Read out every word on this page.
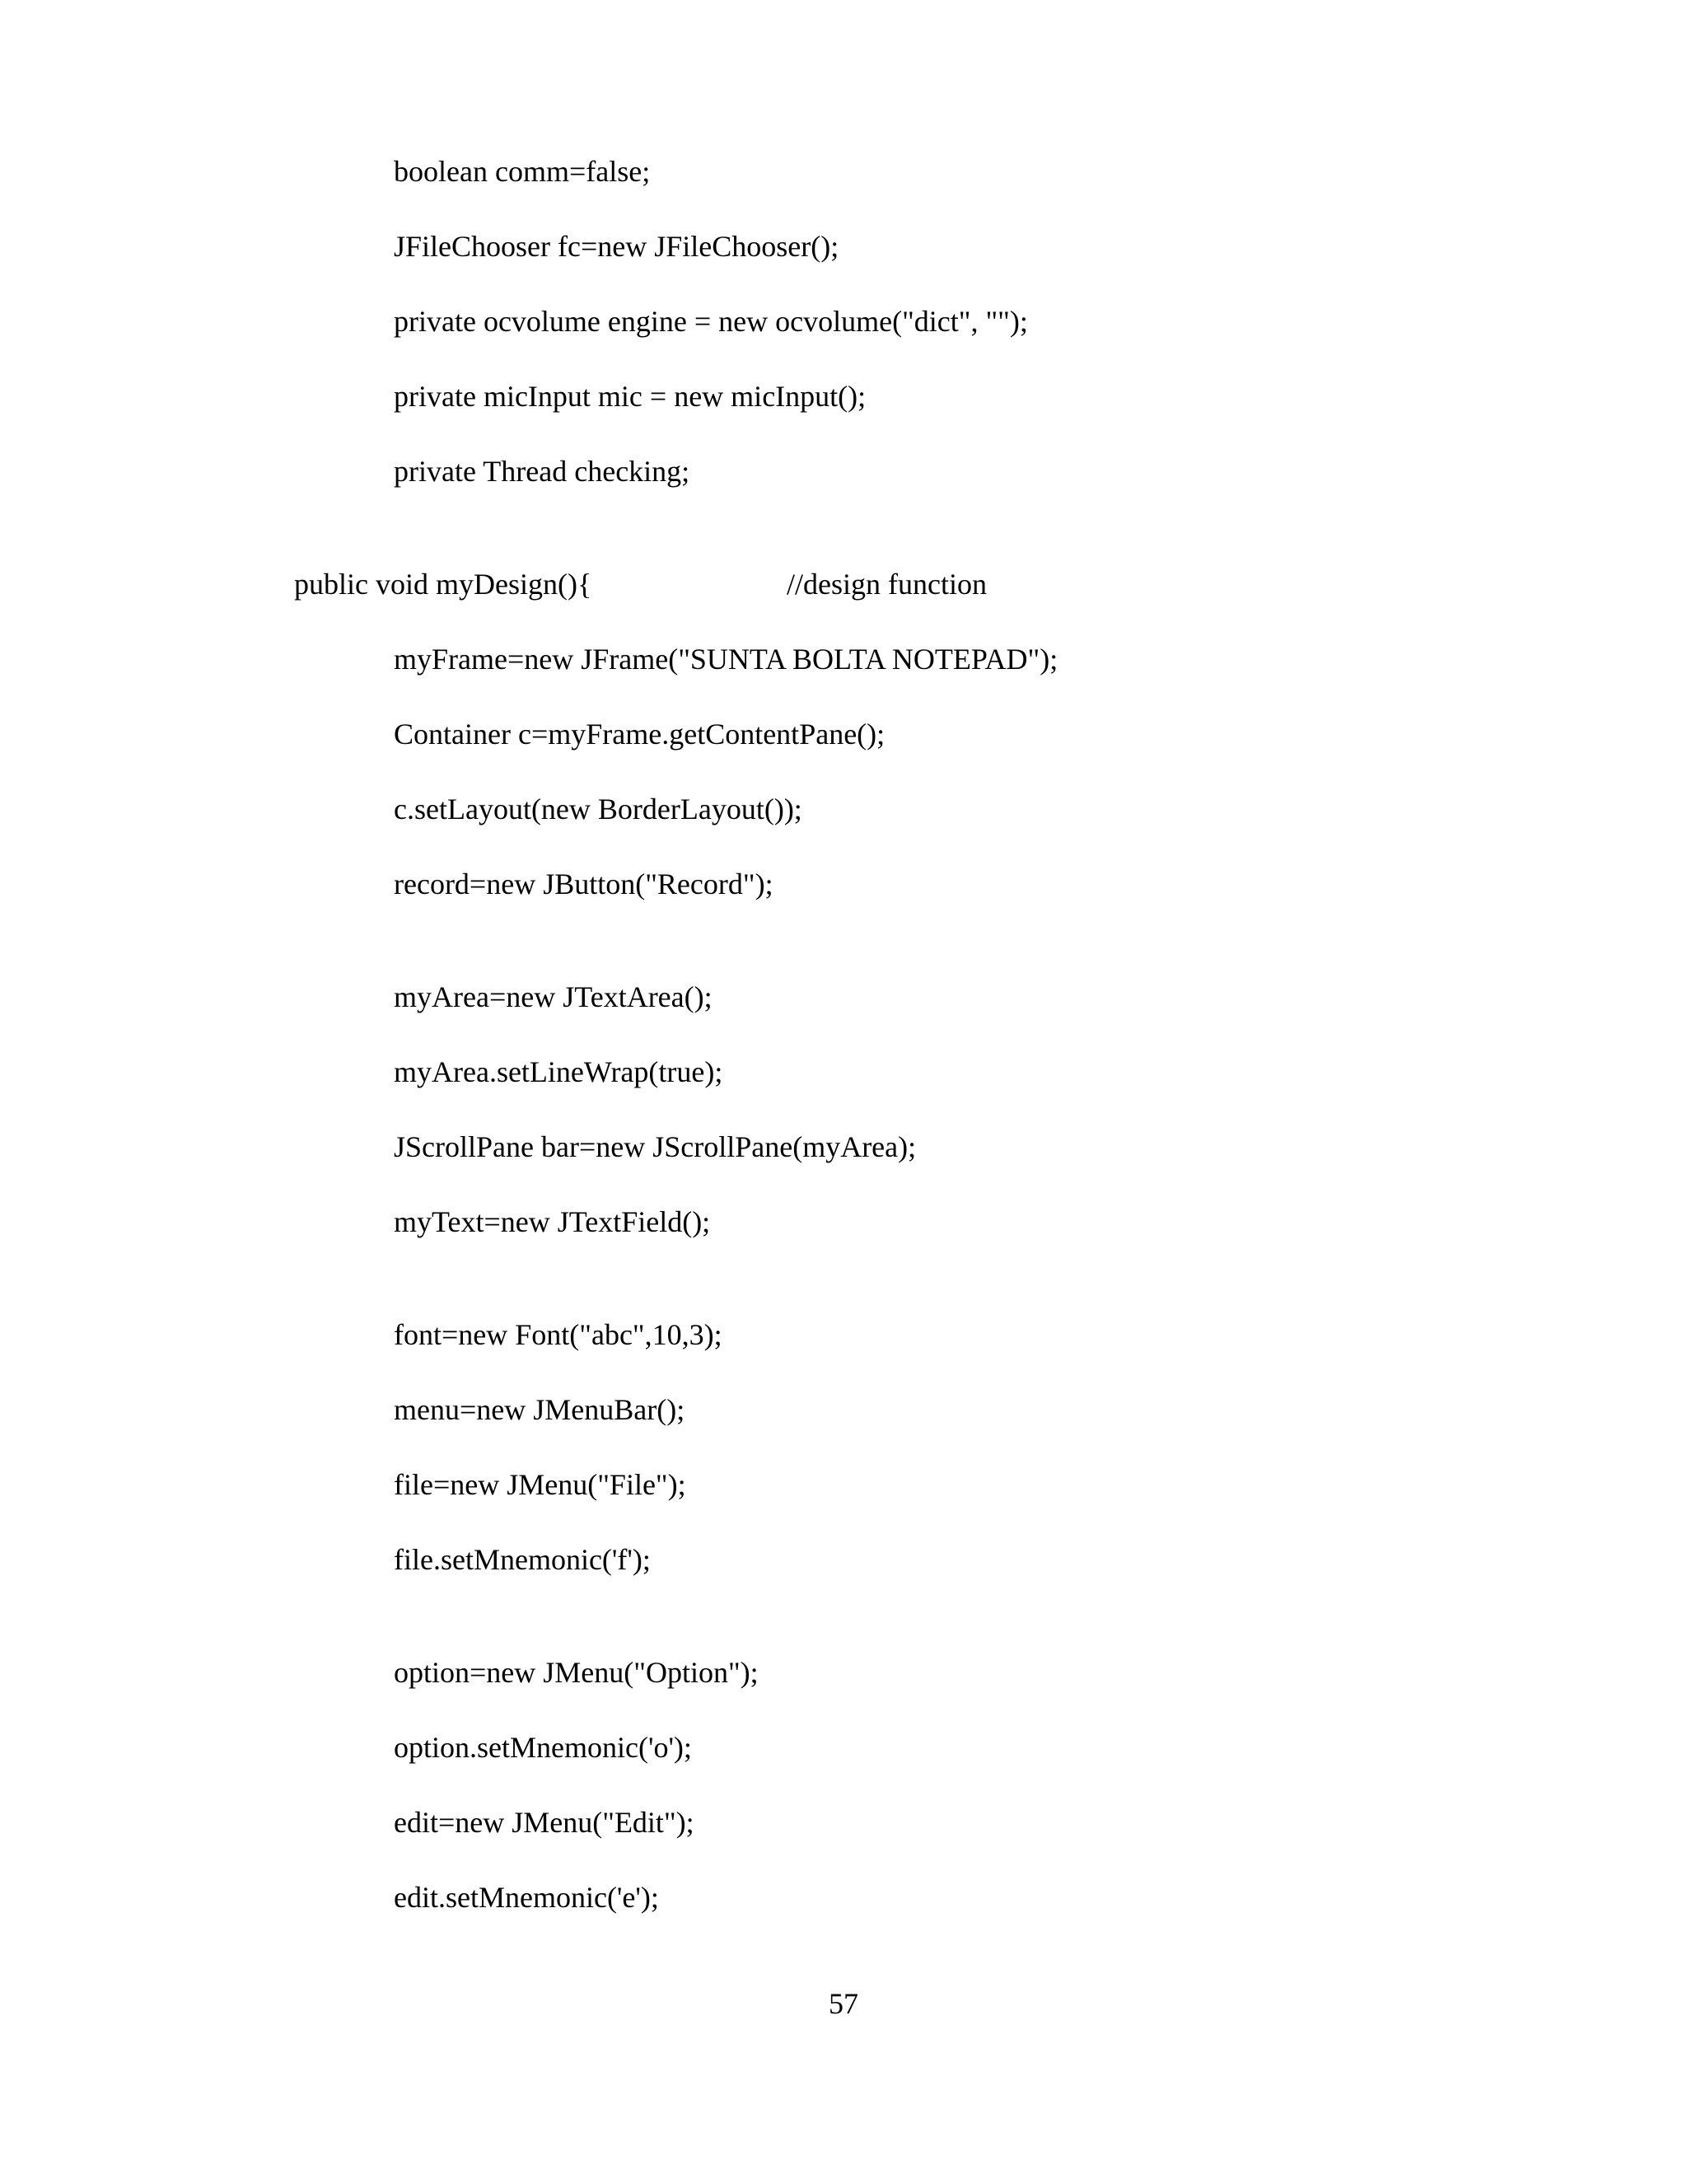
boolean comm=false;
JFileChooser fc=new JFileChooser();
private ocvolume engine = new ocvolume("dict", "");
private micInput mic = new micInput();
private Thread checking;
public void myDesign(){	//design function
myFrame=new JFrame("SUNTA BOLTA NOTEPAD");
Container c=myFrame.getContentPane();
c.setLayout(new BorderLayout());
record=new JButton("Record");
myArea=new JTextArea();
myArea.setLineWrap(true);
JScrollPane bar=new JScrollPane(myArea);
myText=new JTextField();
font=new Font("abc",10,3);
menu=new JMenuBar();
file=new JMenu("File");
file.setMnemonic('f');
option=new JMenu("Option");
option.setMnemonic('o');
edit=new JMenu("Edit");
edit.setMnemonic('e');
57
